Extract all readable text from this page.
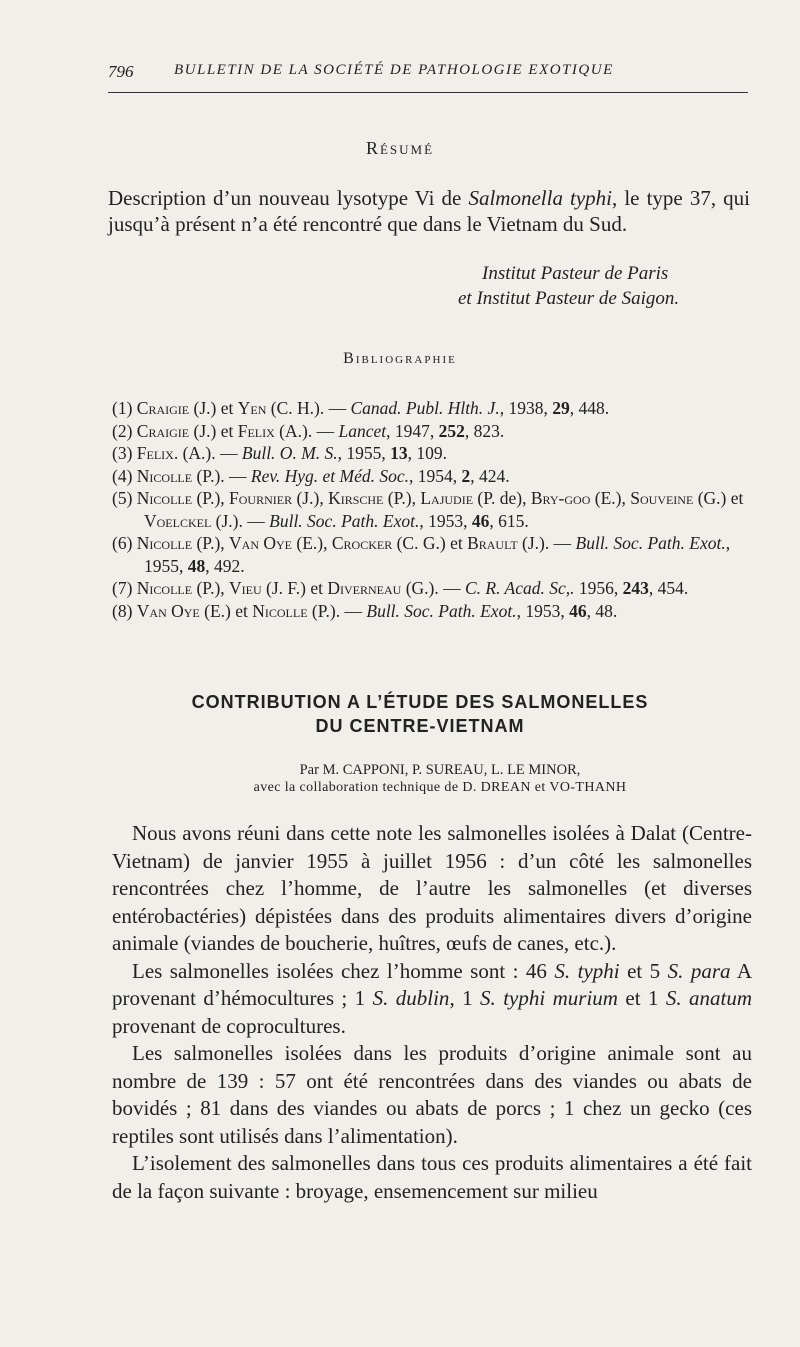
796	BULLETIN DE LA SOCIÉTÉ DE PATHOLOGIE EXOTIQUE
Résumé
Description d’un nouveau lysotype Vi de Salmonella typhi, le type 37, qui jusqu’à présent n’a été rencontré que dans le Vietnam du Sud.
Institut Pasteur de Paris
et Institut Pasteur de Saigon.
Bibliographie
(1) Craigie (J.) et Yen (C. H.). — Canad. Publ. Hlth. J., 1938, 29, 448.
(2) Craigie (J.) et Felix (A.). — Lancet, 1947, 252, 823.
(3) Felix. (A.). — Bull. O. M. S., 1955, 13, 109.
(4) Nicolle (P.). — Rev. Hyg. et Méd. Soc., 1954, 2, 424.
(5) Nicolle (P.), Fournier (J.), Kirsche (P.), Lajudie (P. de), Bry-goo (E.), Souveine (G.) et Voelckel (J.). — Bull. Soc. Path. Exot., 1953, 46, 615.
(6) Nicolle (P.), Van Oye (E.), Crocker (C. G.) et Brault (J.). — Bull. Soc. Path. Exot., 1955, 48, 492.
(7) Nicolle (P.), Vieu (J. F.) et Diverneau (G.). — C. R. Acad. Sc,. 1956, 243, 454.
(8) Van Oye (E.) et Nicolle (P.). — Bull. Soc. Path. Exot., 1953, 46, 48.
CONTRIBUTION A L’ÉTUDE DES SALMONELLES
DU CENTRE-VIETNAM
Par M. CAPPONI, P. SUREAU, L. LE MINOR,
avec la collaboration technique de D. DREAN et VO-THANH

Nous avons réuni dans cette note les salmonelles isolées à Dalat (Centre-Vietnam) de janvier 1955 à juillet 1956 : d’un côté les salmonelles rencontrées chez l’homme, de l’autre les salmonelles (et diverses entérobactéries) dépistées dans des produits alimentaires divers d’origine animale (viandes de boucherie, huîtres, œufs de canes, etc.).

Les salmonelles isolées chez l’homme sont : 46 S. typhi et 5 S. para A provenant d’hémocultures ; 1 S. dublin, 1 S. typhi murium et 1 S. anatum provenant de coprocultures.

Les salmonelles isolées dans les produits d’origine animale sont au nombre de 139 : 57 ont été rencontrées dans des viandes ou abats de bovidés ; 81 dans des viandes ou abats de porcs ; 1 chez un gecko (ces reptiles sont utilisés dans l’alimentation).

L’isolement des salmonelles dans tous ces produits alimentaires a été fait de la façon suivante : broyage, ensemencement sur milieu
